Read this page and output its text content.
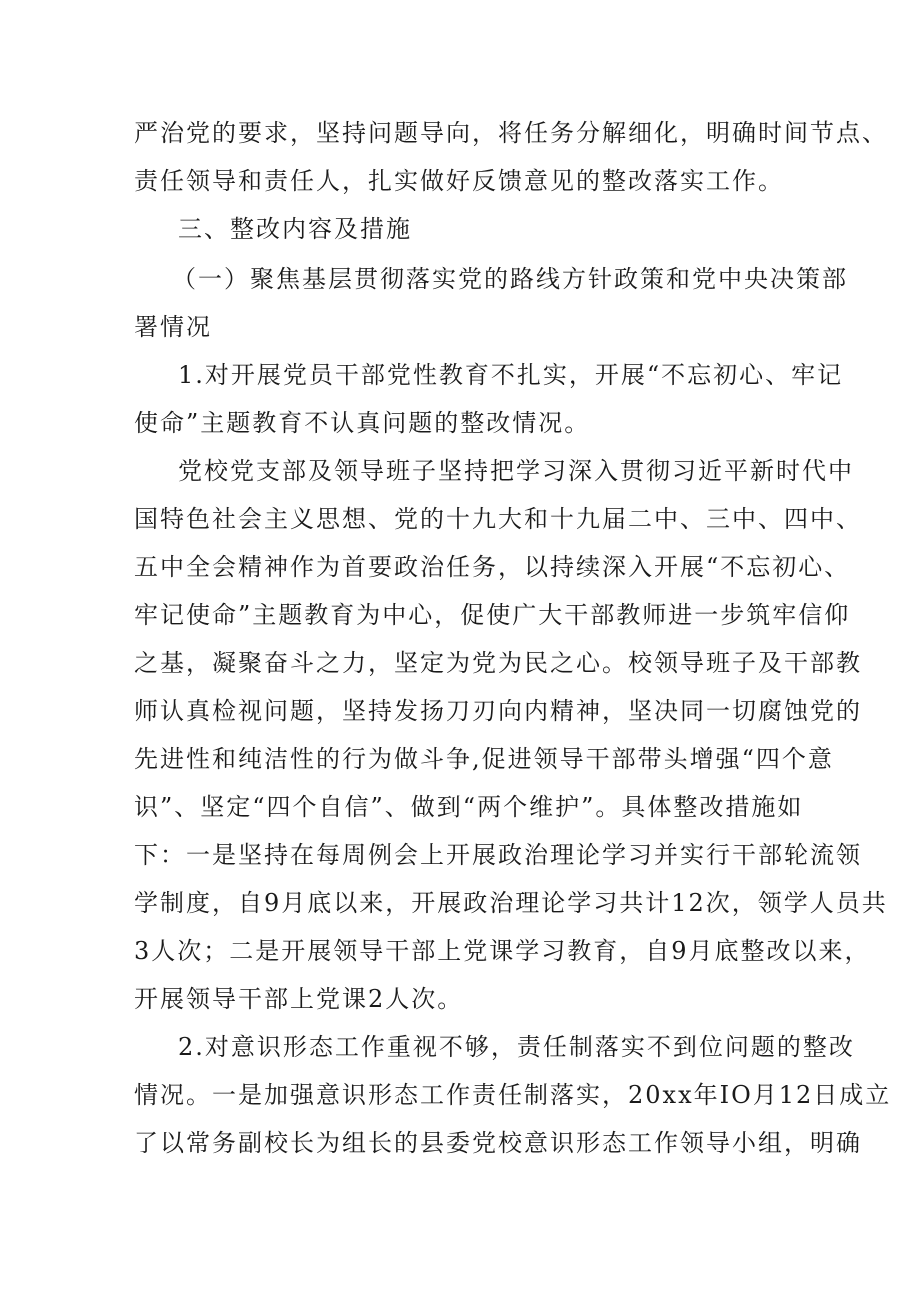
严治党的要求，坚持问题导向，将任务分解细化，明确时间节点、
责任领导和责任人，扎实做好反馈意见的整改落实工作。
三、整改内容及措施
（一）聚焦基层贯彻落实党的路线方针政策和党中央决策部
署情况
1.对开展党员干部党性教育不扎实，开展“不忘初心、牢记
使命”主题教育不认真问题的整改情况。
党校党支部及领导班子坚持把学习深入贯彻习近平新时代中
国特色社会主义思想、党的十九大和十九届二中、三中、四中、
五中全会精神作为首要政治任务，以持续深入开展“不忘初心、
牢记使命”主题教育为中心，促使广大干部教师进一步筑牢信仰
之基，凝聚奋斗之力，坚定为党为民之心。校领导班子及干部教
师认真检视问题，坚持发扬刀刃向内精神，坚决同一切腐蚀党的
先进性和纯洁性的行为做斗争,促进领导干部带头增强“四个意
识”、坚定“四个自信”、做到“两个维护”。具体整改措施如
下：一是坚持在每周例会上开展政治理论学习并实行干部轮流领
学制度，自9月底以来，开展政治理论学习共计12次，领学人员共
3人次；二是开展领导干部上党课学习教育，自9月底整改以来，
开展领导干部上党课2人次。
2.对意识形态工作重视不够，责任制落实不到位问题的整改
情况。一是加强意识形态工作责任制落实，20xx年IO月12日成立
了以常务副校长为组长的县委党校意识形态工作领导小组，明确
